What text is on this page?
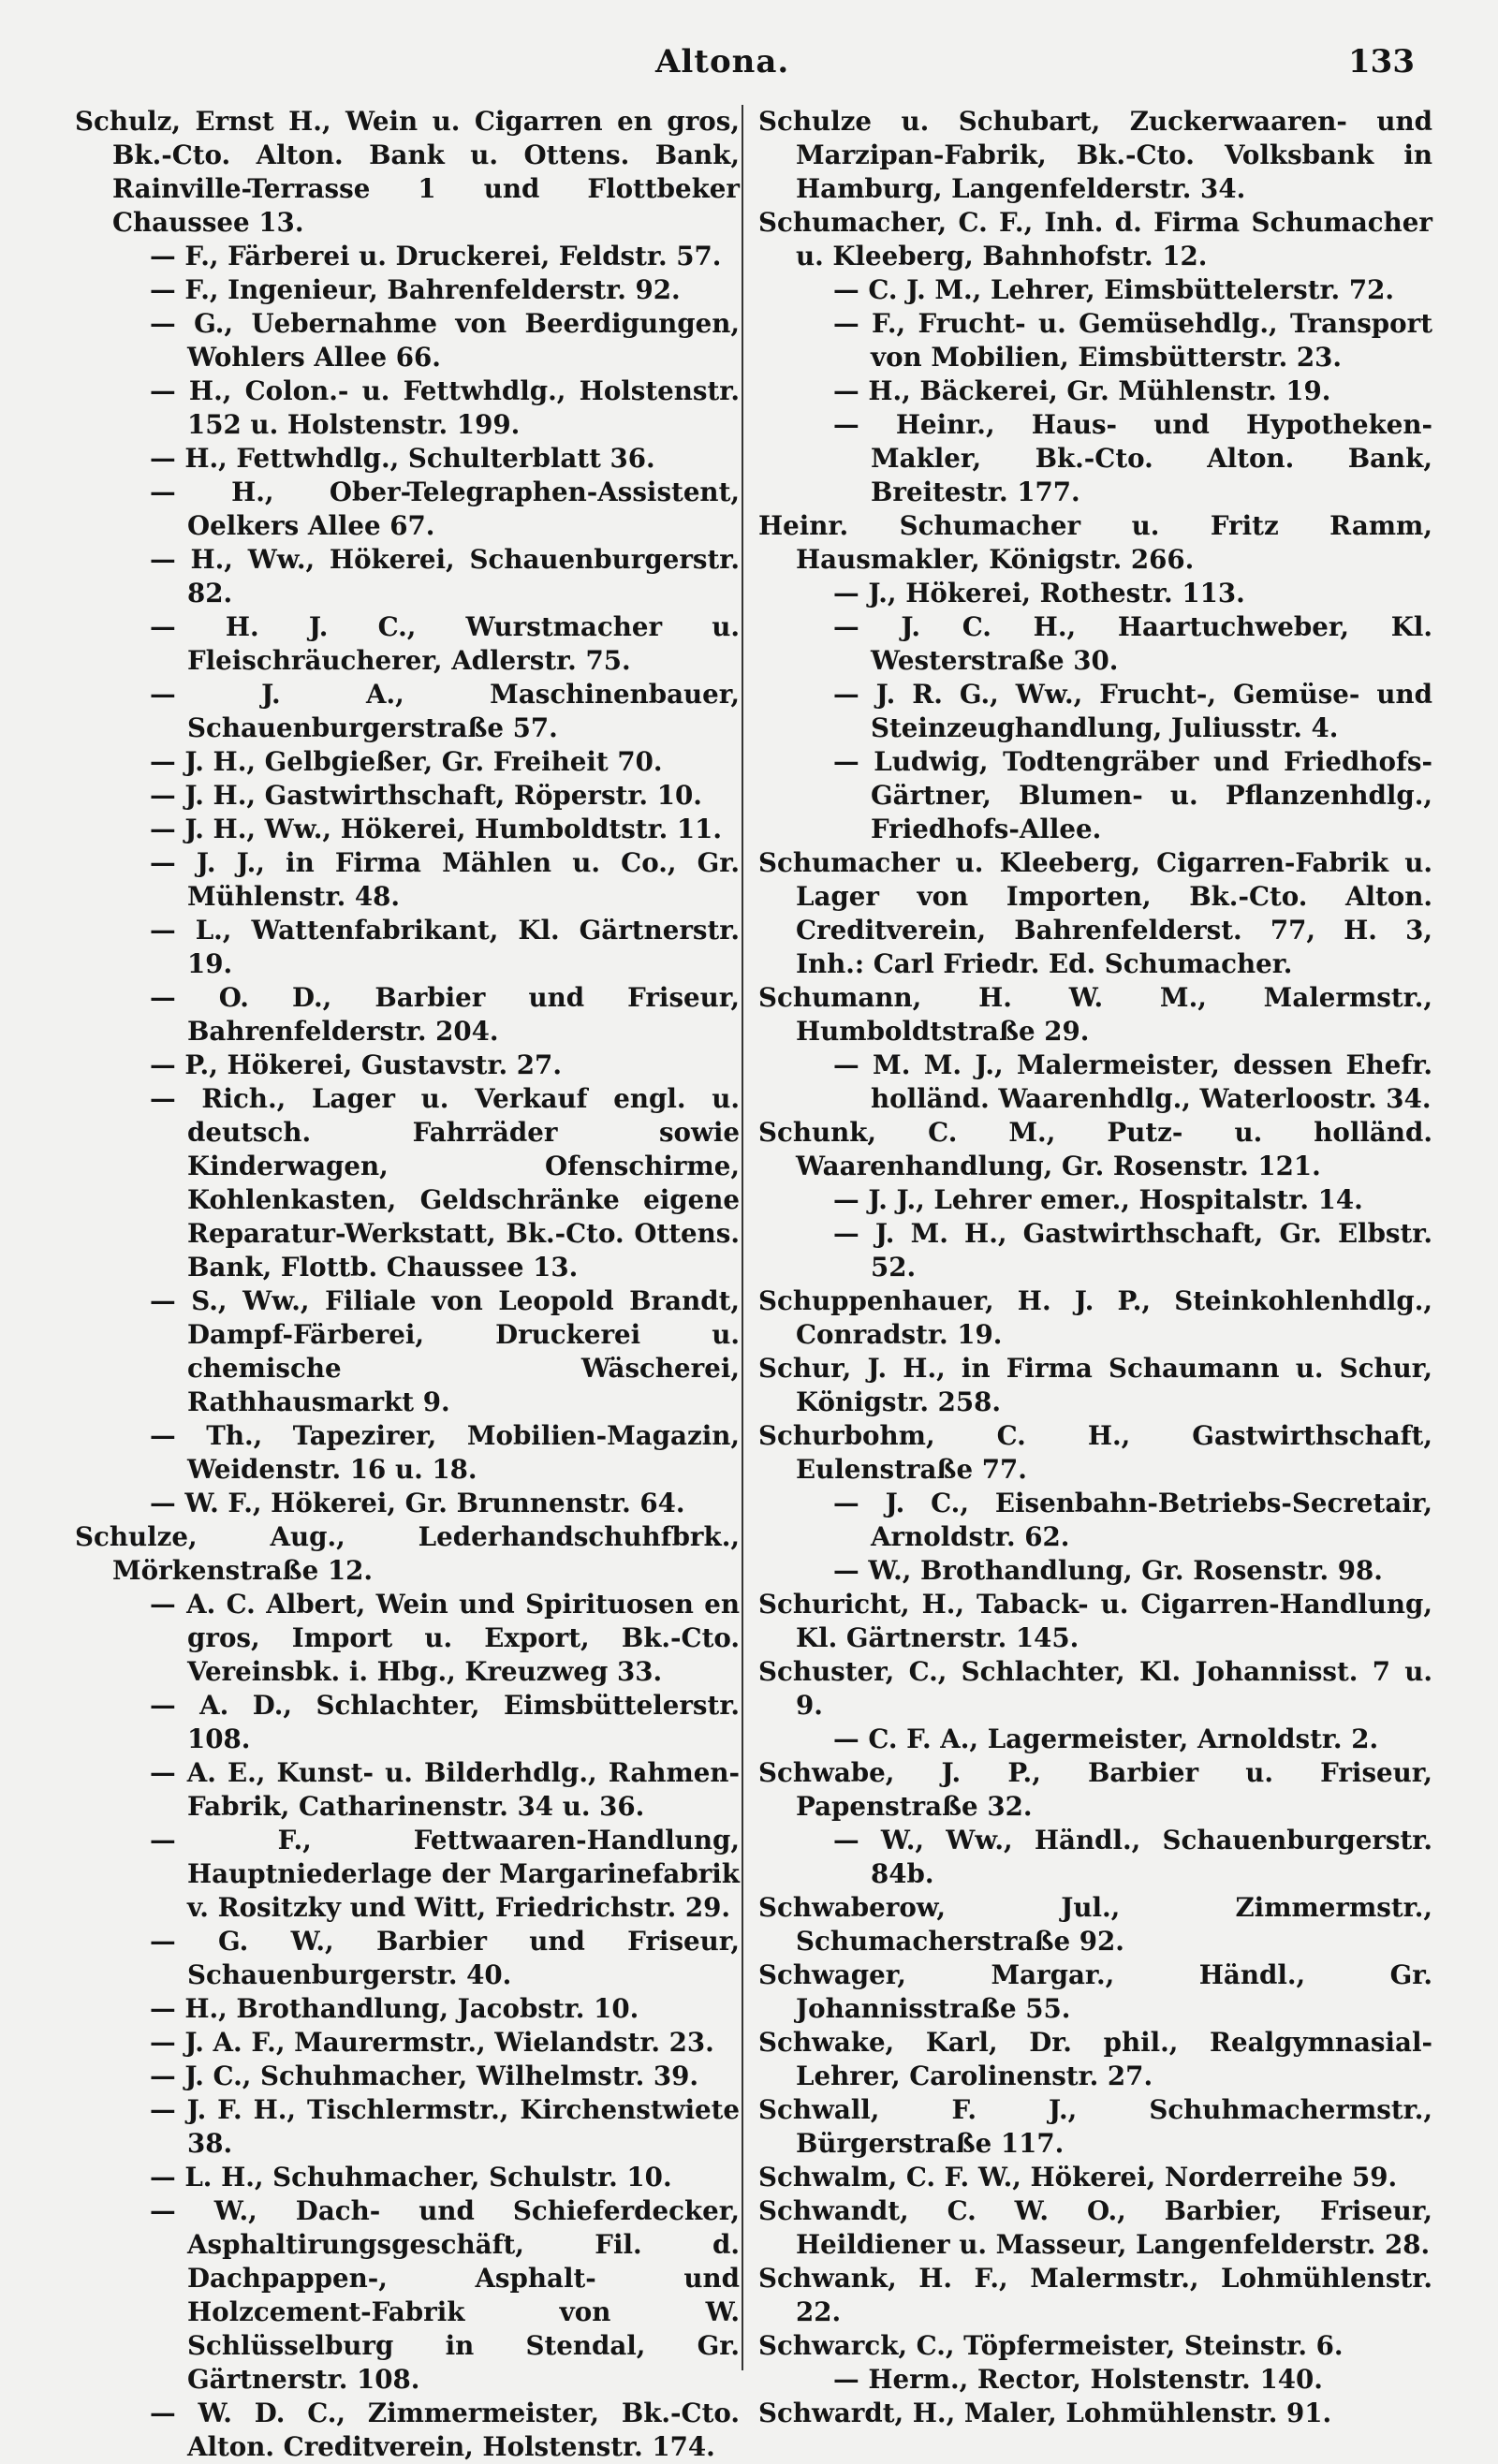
Altona.	133

Schulz, Ernst H., Wein u. Cigarren en gros, Bk.-Cto. Alton. Bank u. Ottens. Bank, Rainville-Terrasse 1 und Flottbeker Chaussee 13.

— F., Färberei u. Druckerei, Feldstr. 57.

— F., Ingenieur, Bahrenfelderstr. 92.

— G., Uebernahme von Beerdigungen, Wohlers Allee 66.

— H., Colon.- u. Fettwhdlg., Holstenstr. 152 u. Holstenstr. 199.

— H., Fettwhdlg., Schulterblatt 36.

— H., Ober-Telegraphen-Assistent, Oelkers Allee 67.

— H., Ww., Hökerei, Schauenburgerstr. 82.

— H. J. C., Wurstmacher u. Fleischräucherer, Adlerstr. 75.

— J. A., Maschinenbauer, Schauenburgerstraße 57.

— J. H., Gelbgießer, Gr. Freiheit 70.

— J. H., Gastwirthschaft, Röperstr. 10.

— J. H., Ww., Hökerei, Humboldtstr. 11.

— J. J., in Firma Mählen u. Co., Gr. Mühlenstr. 48.

— L., Wattenfabrikant, Kl. Gärtnerstr. 19.

— O. D., Barbier und Friseur, Bahrenfelderstr. 204.

— P., Hökerei, Gustavstr. 27.

— Rich., Lager u. Verkauf engl. u. deutsch. Fahrräder sowie Kinderwagen, Ofenschirme, Kohlenkasten, Geldschränke eigene Reparatur-Werkstatt, Bk.-Cto. Ottens. Bank, Flottb. Chaussee 13.

— S., Ww., Filiale von Leopold Brandt, Dampf-Färberei, Druckerei u. chemische Wäscherei, Rathhausmarkt 9.

— Th., Tapezirer, Mobilien-Magazin, Weidenstr. 16 u. 18.

— W. F., Hökerei, Gr. Brunnenstr. 64.

Schulze, Aug., Lederhandschuhfbrk., Mörkenstraße 12.

— A. C. Albert, Wein und Spirituosen en gros, Import u. Export, Bk.-Cto. Vereinsbk. i. Hbg., Kreuzweg 33.

— A. D., Schlachter, Eimsbüttelerstr. 108.

— A. E., Kunst- u. Bilderhdlg., Rahmen-Fabrik, Catharinenstr. 34 u. 36.

— F., Fettwaaren-Handlung, Hauptniederlage der Margarinefabrik v. Rositzky und Witt, Friedrichstr. 29.

— G. W., Barbier und Friseur, Schauenburgerstr. 40.

— H., Brothandlung, Jacobstr. 10.

— J. A. F., Maurermstr., Wielandstr. 23.

— J. C., Schuhmacher, Wilhelmstr. 39.

— J. F. H., Tischlermstr., Kirchenstwiete 38.

— L. H., Schuhmacher, Schulstr. 10.

— W., Dach- und Schieferdecker, Asphaltirungsgeschäft, Fil. d. Dachpappen-, Asphalt- und Holzcement-Fabrik von W. Schlüsselburg in Stendal, Gr. Gärtnerstr. 108.

— W. D. C., Zimmermeister, Bk.-Cto. Alton. Creditverein, Holstenstr. 174.

Schulze u. Schubart, Zuckerwaaren- und Marzipan-Fabrik, Bk.-Cto. Volksbank in Hamburg, Langenfelderstr. 34.

Schumacher, C. F., Inh. d. Firma Schumacher u. Kleeberg, Bahnhofstr. 12.

— C. J. M., Lehrer, Eimsbüttelerstr. 72.

— F., Frucht- u. Gemüsehdlg., Transport von Mobilien, Eimsbütterstr. 23.

— H., Bäckerei, Gr. Mühlenstr. 19.

— Heinr., Haus- und Hypotheken-Makler, Bk.-Cto. Alton. Bank, Breitestr. 177.

Heinr. Schumacher u. Fritz Ramm, Hausmakler, Königstr. 266.

— J., Hökerei, Rothestr. 113.

— J. C. H., Haartuchweber, Kl. Westerstraße 30.

— J. R. G., Ww., Frucht-, Gemüse- und Steinzeughandlung, Juliusstr. 4.

— Ludwig, Todtengräber und Friedhofs-Gärtner, Blumen- u. Pflanzenhdlg., Friedhofs-Allee.

Schumacher u. Kleeberg, Cigarren-Fabrik u. Lager von Importen, Bk.-Cto. Alton. Creditverein, Bahrenfelderst. 77, H. 3, Inh.: Carl Friedr. Ed. Schumacher.

Schumann, H. W. M., Malermstr., Humboldtstraße 29.

— M. M. J., Malermeister, dessen Ehefr. holländ. Waarenhdlg., Waterloostr. 34.

Schunk, C. M., Putz- u. holländ. Waarenhandlung, Gr. Rosenstr. 121.

— J. J., Lehrer emer., Hospitalstr. 14.

— J. M. H., Gastwirthschaft, Gr. Elbstr. 52.

Schuppenhauer, H. J. P., Steinkohlenhdlg., Conradstr. 19.

Schur, J. H., in Firma Schaumann u. Schur, Königstr. 258.

Schurbohm, C. H., Gastwirthschaft, Eulenstraße 77.

— J. C., Eisenbahn-Betriebs-Secretair, Arnoldstr. 62.

— W., Brothandlung, Gr. Rosenstr. 98.

Schuricht, H., Taback- u. Cigarren-Handlung, Kl. Gärtnerstr. 145.

Schuster, C., Schlachter, Kl. Johannisst. 7 u. 9.

— C. F. A., Lagermeister, Arnoldstr. 2.

Schwabe, J. P., Barbier u. Friseur, Papenstraße 32.

— W., Ww., Händl., Schauenburgerstr. 84b.

Schwaberow, Jul., Zimmermstr., Schumacherstraße 92.

Schwager, Margar., Händl., Gr. Johannisstraße 55.

Schwake, Karl, Dr. phil., Realgymnasial-Lehrer, Carolinenstr. 27.

Schwall, F. J., Schuhmachermstr., Bürgerstraße 117.

Schwalm, C. F. W., Hökerei, Norderreihe 59.

Schwandt, C. W. O., Barbier, Friseur, Heildiener u. Masseur, Langenfelderstr. 28.

Schwank, H. F., Malermstr., Lohmühlenstr. 22.

Schwarck, C., Töpfermeister, Steinstr. 6.

— Herm., Rector, Holstenstr. 140.

Schwardt, H., Maler, Lohmühlenstr. 91.
